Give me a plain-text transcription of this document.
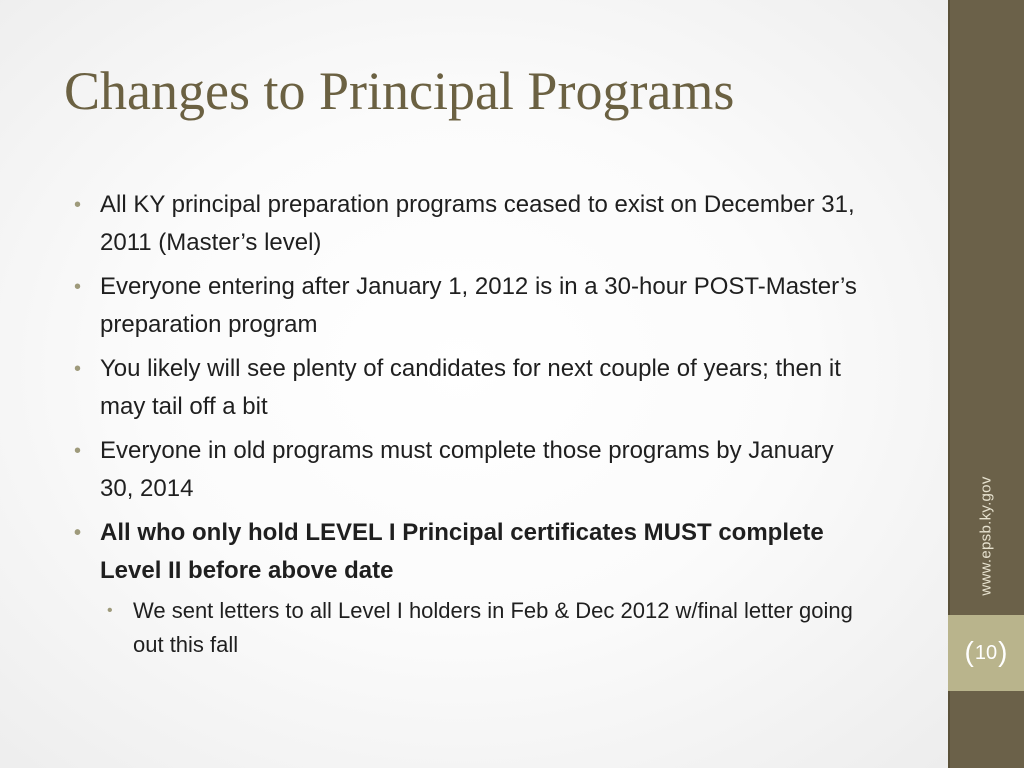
Changes to Principal Programs
• All KY principal preparation programs ceased to exist on December 31, 2011 (Master’s level)
• Everyone entering after January 1, 2012 is in a 30-hour POST-Master’s preparation program
• You likely will see plenty of candidates for next couple of years; then it may tail off a bit
• Everyone in old programs must complete those programs by January 30, 2014
• All who only hold LEVEL I Principal certificates MUST complete Level II before above date
• We sent letters to all Level I holders in Feb & Dec 2012 w/final letter going out this fall
www.epsb.ky.gov
( 10 )
